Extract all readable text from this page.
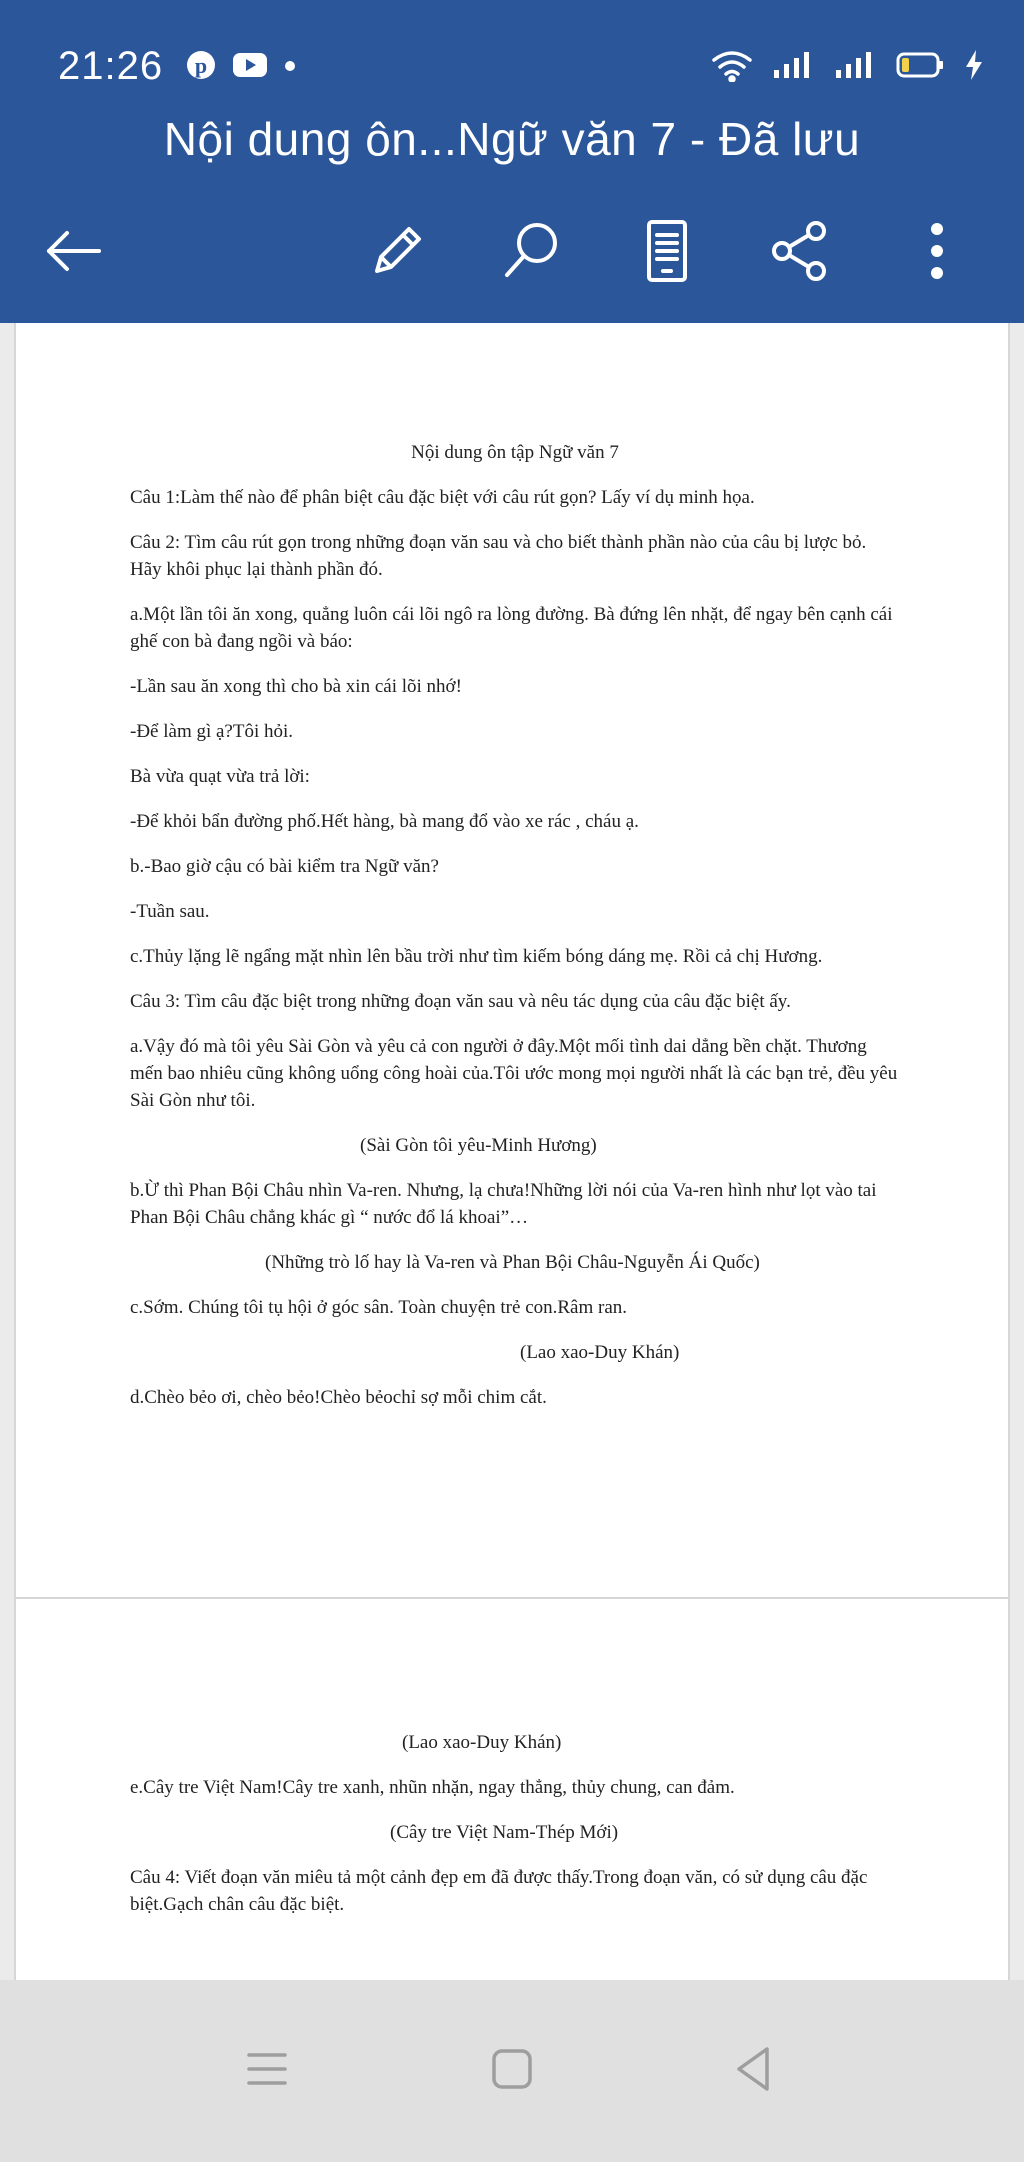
21:26 p
Nội dung ôn...Ngữ văn 7 - Đã lưu

Nội dung ôn tập Ngữ văn 7

Câu 1:Làm thế nào để phân biệt câu đặc biệt với câu rút gọn? Lấy ví dụ minh họa.

Câu 2: Tìm câu rút gọn trong những đoạn văn sau và cho biết thành phần nào của câu bị lược bỏ. Hãy khôi phục lại thành phần đó.

a.Một lần tôi ăn xong, quẳng luôn cái lõi ngô ra lòng đường. Bà đứng lên nhặt, để ngay bên cạnh cái ghế con bà đang ngồi và báo:

-Lần sau ăn xong thì cho bà xin cái lõi nhớ!

-Để làm gì ạ?Tôi hỏi.

Bà vừa quạt vừa trả lời:

-Để khỏi bẩn đường phố.Hết hàng, bà mang đổ vào xe rác , cháu ạ.

b.-Bao giờ cậu có bài kiểm tra Ngữ văn?

-Tuần sau.

c.Thủy lặng lẽ ngẩng mặt nhìn lên bầu trời như tìm kiếm bóng dáng mẹ. Rồi cả chị Hương.

Câu 3: Tìm câu đặc biệt trong những đoạn văn sau và nêu tác dụng của câu đặc biệt ấy.

a.Vậy đó mà tôi yêu Sài Gòn và yêu cả con người ở đây.Một mối tình dai dẳng bền chặt. Thương mến bao nhiêu cũng không uổng công hoài của.Tôi ước mong mọi người nhất là các bạn trẻ, đều yêu Sài Gòn như tôi.

(Sài Gòn tôi yêu-Minh Hương)

b.Ừ thì Phan Bội Châu nhìn Va-ren. Nhưng, lạ chưa!Những lời nói của Va-ren hình như lọt vào tai Phan Bội Châu chẳng khác gì “ nước đổ lá khoai”…

(Những trò lố hay là Va-ren và Phan Bội Châu-Nguyễn Ái Quốc)

c.Sớm. Chúng tôi tụ hội ở góc sân. Toàn chuyện trẻ con.Râm ran.

(Lao xao-Duy Khán)

d.Chèo bẻo ơi, chèo bẻo!Chèo bẻochỉ sợ mỗi chim cắt.

(Lao xao-Duy Khán)

e.Cây tre Việt Nam!Cây tre xanh, nhũn nhặn, ngay thẳng, thủy chung, can đảm.

(Cây tre Việt Nam-Thép Mới)

Câu 4: Viết đoạn văn miêu tả một cảnh đẹp em đã được thấy.Trong đoạn văn, có sử dụng câu đặc biệt.Gạch chân câu đặc biệt.
